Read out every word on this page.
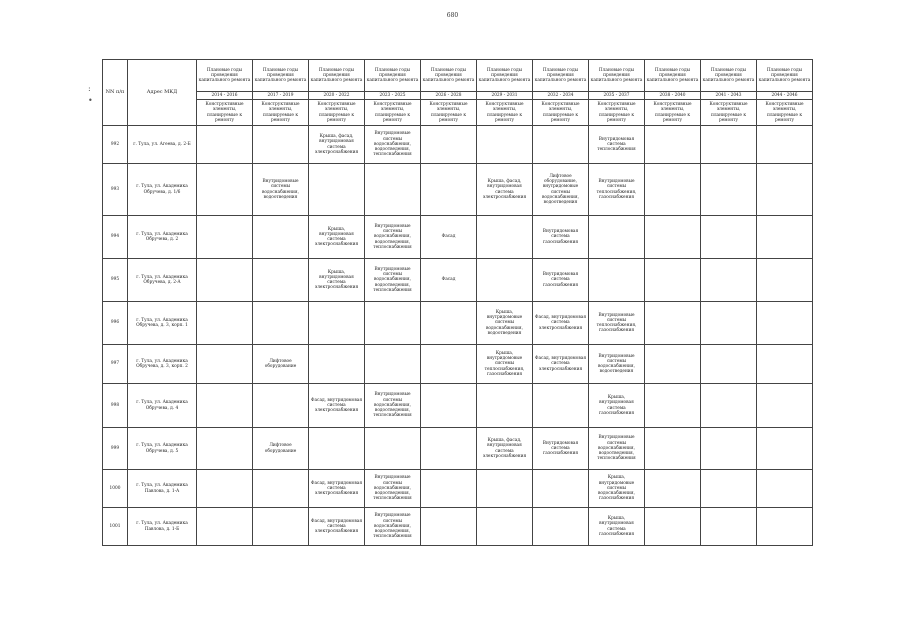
680
:
•
NN п/п	Адрес МКД	Плановые годы проведения капитального ремонта	Плановые годы проведения капитального ремонта	Плановые годы проведения капитального ремонта	Плановые годы проведения капитального ремонта	Плановые годы проведения капитального ремонта	Плановые годы проведения капитального ремонта	Плановые годы проведения капитального ремонта	Плановые годы проведения капитального ремонта	Плановые годы проведения капитального ремонта	Плановые годы проведения капитального ремонта	Плановые годы проведения капитального ремонта
		2014 - 2016	2017 - 2019	2020 - 2022	2023 - 2025	2026 - 2028	2029 - 2031	2032 - 2034	2035 - 2037	2038 - 2040	2041 - 2043	2044 - 2046
		Конструктивные элементы, планируемые к ремонту	Конструктивные элементы, планируемые к ремонту	Конструктивные элементы, планируемые к ремонту	Конструктивные элементы, планируемые к ремонту	Конструктивные элементы, планируемые к ремонту	Конструктивные элементы, планируемые к ремонту	Конструктивные элементы, планируемые к ремонту	Конструктивные элементы, планируемые к ремонту	Конструктивные элементы, планируемые к ремонту	Конструктивные элементы, планируемые к ремонту	Конструктивные элементы, планируемые к ремонту
992	г. Тула, ул. Агеева, д. 2-Б			Крыша, фасад, внутридомовая система электроснабжения	Внутридомовые системы водоснабжения, водоотведения, теплоснабжения				Внутридомовая система теплоснабжения			
993	г. Тула, ул. Академика Обручева, д. 1/6		Внутридомовые системы водоснабжения, водоотведения				Крыша, фасад, внутридомовая система электроснабжения	Лифтовое оборудование, внутридомовые системы водоснабжения, водоотведения	Внутридомовые системы теплоснабжения, газоснабжения			
994	г. Тула, ул. Академика Обручева, д. 2			Крыша, внутридомовая система электроснабжения	Внутридомовые системы водоснабжения, водоотведения, теплоснабжения	Фасад		Внутридомовая система газоснабжения				
995	г. Тула, ул. Академика Обручева, д. 2-А			Крыша, внутридомовая система электроснабжения	Внутридомовые системы водоснабжения, водоотведения, теплоснабжения	Фасад		Внутридомовая система газоснабжения				
996	г. Тула, ул. Академика Обручева, д. 3, корп. 1						Крыша, внутридомовые системы водоснабжения, водоотведения	Фасад, внутридомовая система электроснабжения	Внутридомовые системы теплоснабжения, газоснабжения			
997	г. Тула, ул. Академика Обручева, д. 3, корп. 2		Лифтовое оборудование				Крыша, внутридомовые системы теплоснабжения, газоснабжения	Фасад, внутридомовая система электроснабжения	Внутридомовые системы водоснабжения, водоотведения			
998	г. Тула, ул. Академика Обручева, д. 4			Фасад, внутридомовая система электроснабжения	Внутридомовые системы водоснабжения, водоотведения, теплоснабжения				Крыша, внутридомовая система газоснабжения			
999	г. Тула, ул. Академика Обручева, д. 5		Лифтовое оборудование				Крыша, фасад, внутридомовая система электроснабжения	Внутридомовая система газоснабжения	Внутридомовые системы водоснабжения, водоотведения, теплоснабжения			
1000	г. Тула, ул. Академика Павлова, д. 1-А			Фасад, внутридомовая система электроснабжения	Внутридомовые системы водоснабжения, водоотведения, теплоснабжения				Крыша, внутридомовые системы водоснабжения, газоснабжения			
1001	г. Тула, ул. Академика Павлова, д. 1-Б			Фасад, внутридомовая система электроснабжения	Внутридомовые системы водоснабжения, водоотведения, теплоснабжения				Крыша, внутридомовая система газоснабжения			
